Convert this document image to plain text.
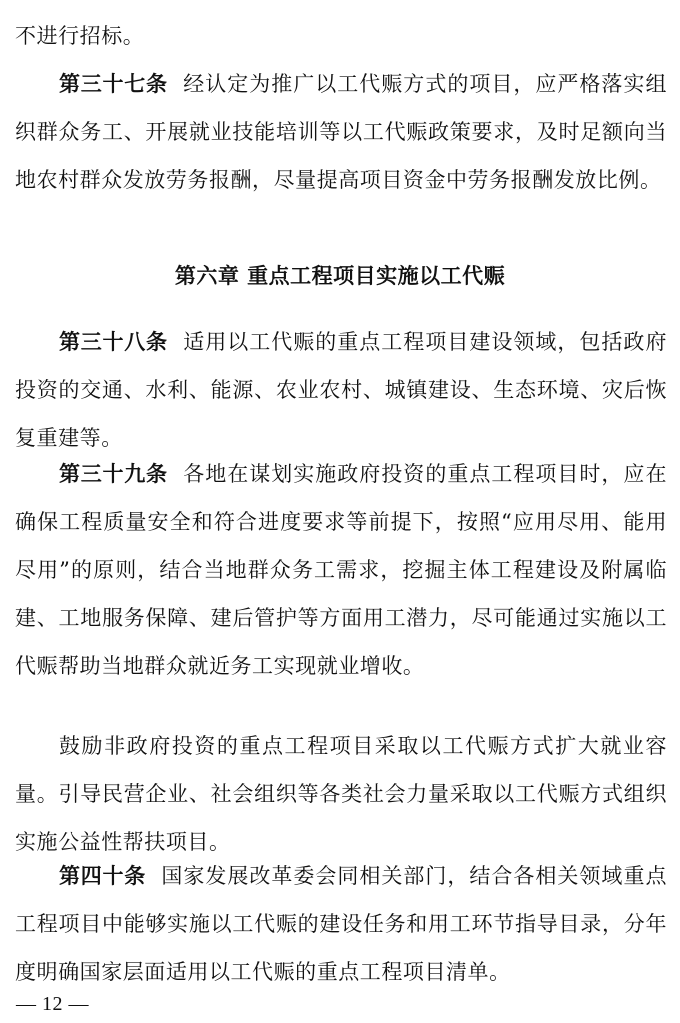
不进行招标。

第三十七条 经认定为推广以工代赈方式的项目，应严格落实组织群众务工、开展就业技能培训等以工代赈政策要求，及时足额向当地农村群众发放劳务报酬，尽量提高项目资金中劳务报酬发放比例。

第六章 重点工程项目实施以工代赈

第三十八条 适用以工代赈的重点工程项目建设领域，包括政府投资的交通、水利、能源、农业农村、城镇建设、生态环境、灾后恢复重建等。

第三十九条 各地在谋划实施政府投资的重点工程项目时，应在确保工程质量安全和符合进度要求等前提下，按照“应用尽用、能用尽用”的原则，结合当地群众务工需求，挖掘主体工程建设及附属临建、工地服务保障、建后管护等方面用工潜力，尽可能通过实施以工代赈帮助当地群众就近务工实现就业增收。

鼓励非政府投资的重点工程项目采取以工代赈方式扩大就业容量。引导民营企业、社会组织等各类社会力量采取以工代赈方式组织实施公益性帮扶项目。

第四十条 国家发展改革委会同相关部门，结合各相关领域重点工程项目中能够实施以工代赈的建设任务和用工环节指导目录，分年度明确国家层面适用以工代赈的重点工程项目清单。

— 12 —
